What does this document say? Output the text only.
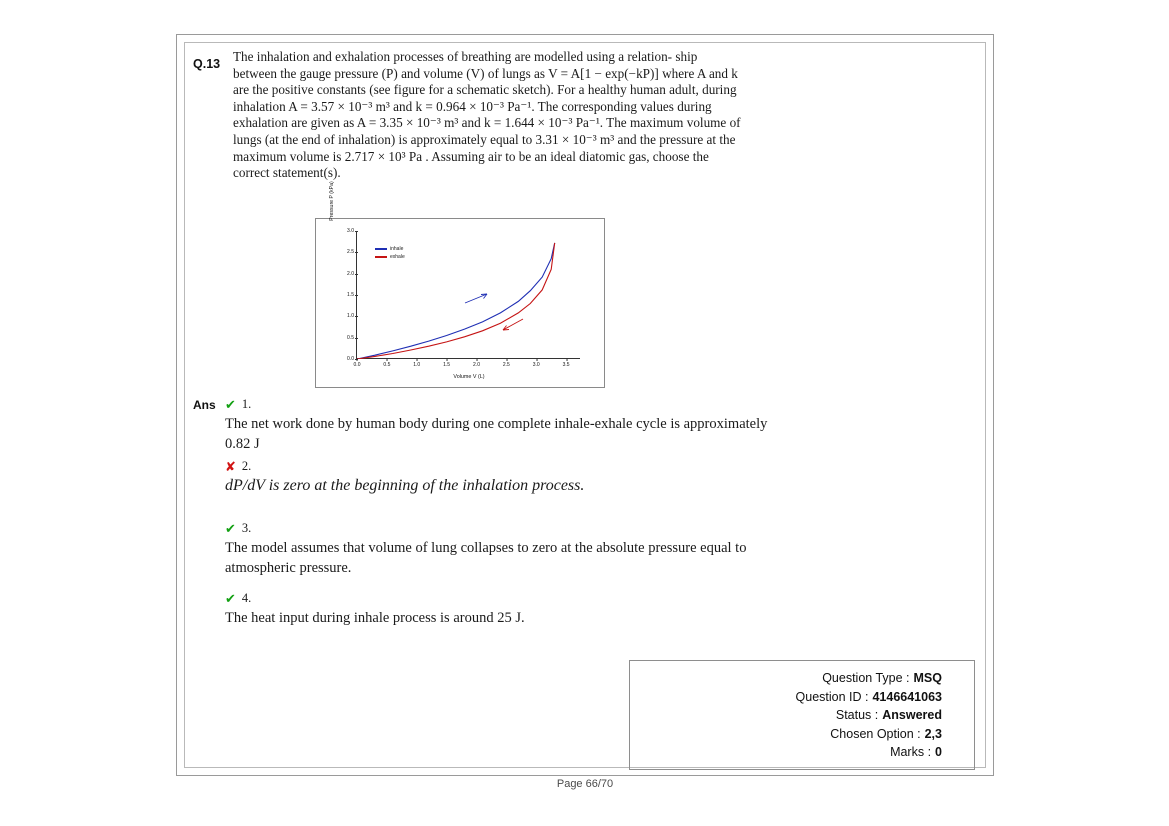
Q.13 The inhalation and exhalation processes of breathing are modelled using a relation- ship between the gauge pressure (P) and volume (V) of lungs as V = A[1 − exp(−kP)] where A and k are the positive constants (see figure for a schematic sketch). For a healthy human adult, during inhalation A = 3.57 × 10⁻³ m³ and k = 0.964 × 10⁻³ Pa⁻¹. The corresponding values during exhalation are given as A = 3.35 × 10⁻³ m³ and k = 1.644 × 10⁻³ Pa⁻¹. The maximum volume of lungs (at the end of inhalation) is approximately equal to 3.31 × 10⁻³ m³ and the pressure at the maximum volume is 2.717 × 10³ Pa . Assuming air to be an ideal diatomic gas, choose the correct statement(s).
Pressure P (kPa)
Volume V (L)
0.0
0.5
1.0
1.5
2.0
2.5
3.0
0.0	0.5	1.0	1.5	2.0	2.5	3.0	3.5
inhale
exhale
Ans ✔ 1.
The net work done by human body during one complete inhale-exhale cycle is approximately 0.82 J
✘ 2.
dP/dV is zero at the beginning of the inhalation process.
✔ 3.
The model assumes that volume of lung collapses to zero at the absolute pressure equal to atmospheric pressure.
✔ 4.
The heat input during inhale process is around 25 J.
Question Type : MSQ
Question ID : 4146641063
Status : Answered
Chosen Option : 2,3
Marks : 0
Page 66/70
